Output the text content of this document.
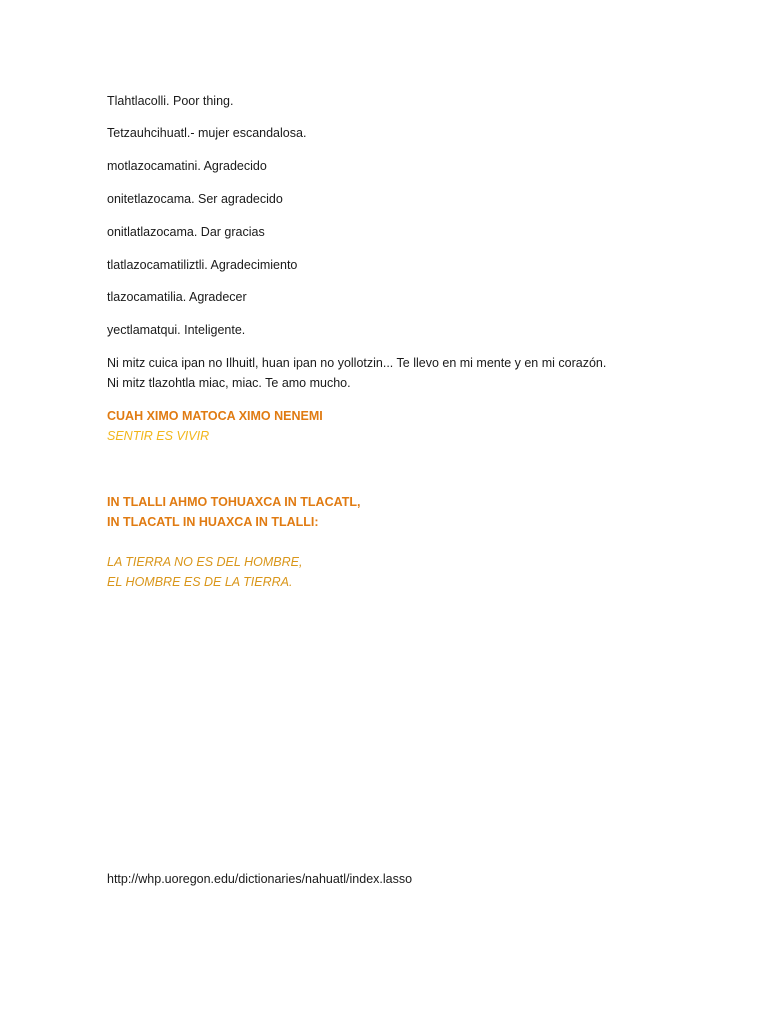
Tlahtlacolli. Poor thing.

Tetzauhcihuatl.- mujer escandalosa.

motlazocamatini. Agradecido

onitetlazocama. Ser agradecido

onitlatlazocama. Dar gracias

tlatlazocamatiliztli. Agradecimiento

tlazocamatilia. Agradecer

yectlamatqui. Inteligente.

Ni mitz cuica ipan no Ilhuitl, huan ipan no yollotzin... Te llevo en mi mente y en mi corazón.

Ni mitz tlazohtla miac, miac. Te amo mucho.

CUAH XIMO MATOCA XIMO NENEMI

SENTIR ES VIVIR

IN TLALLI AHMO TOHUAXCA IN TLACATL,

IN TLACATL IN HUAXCA IN TLALLI:

LA TIERRA NO ES DEL HOMBRE,

EL HOMBRE ES DE LA TIERRA.

http://whp.uoregon.edu/dictionaries/nahuatl/index.lasso
